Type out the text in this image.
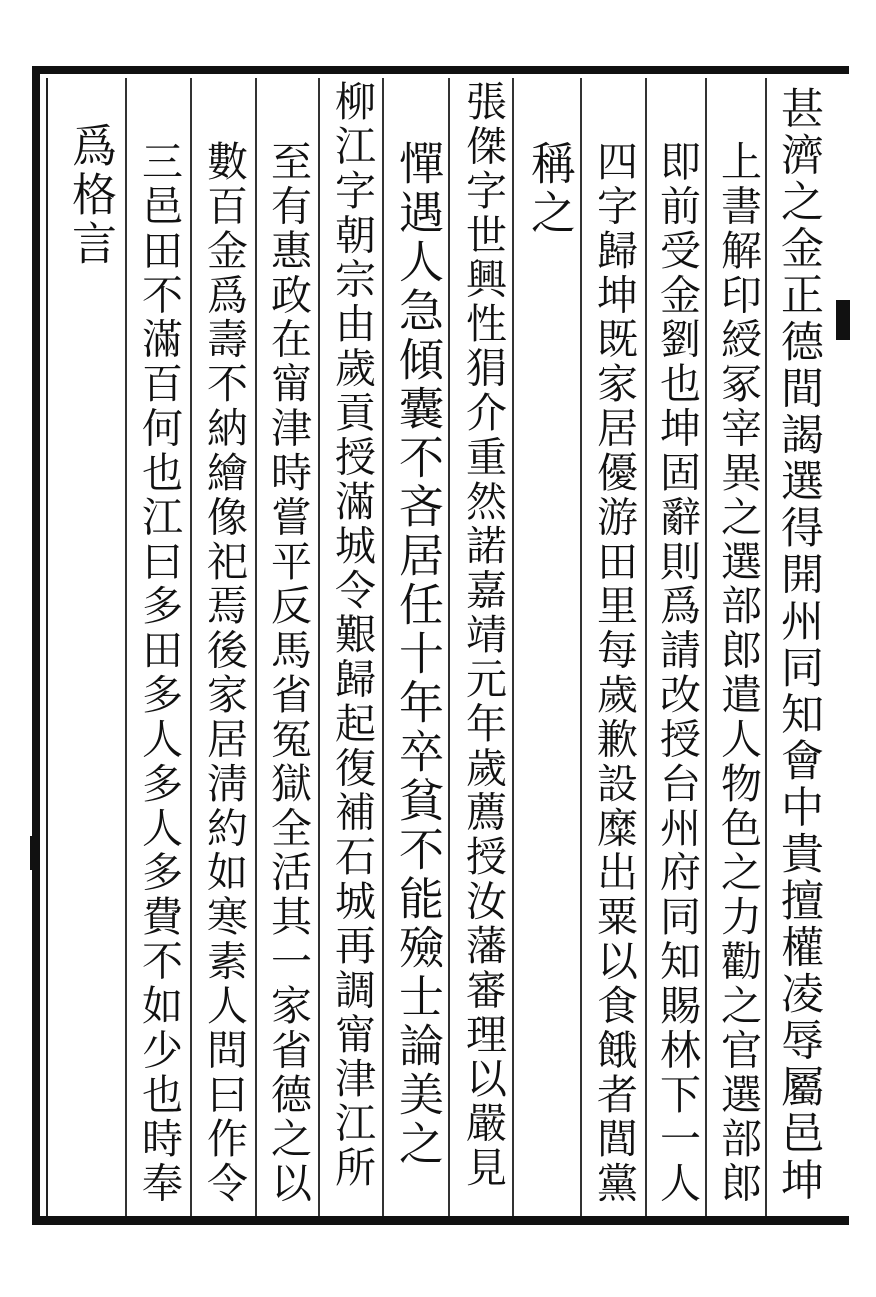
甚濟之金正德間謁選得開州同知會中貴擅權凌辱屬邑坤
上書解印綬冢宰異之選部郎遣人物色之力勸之官選部郎
即前受金劉也坤固辭則爲請改授台州府同知賜林下一人
四字歸坤既家居優游田里每歲歉設糜出粟以食餓者閭黨
稱之
張傑字世興性狷介重然諾嘉靖元年歲薦授汝藩審理以嚴見
憚遇人急傾囊不吝居任十年卒貧不能殮士論美之
柳江字朝宗由歲貢授滿城令艱歸起復補石城再調甯津江所
至有惠政在甯津時嘗平反馬省冤獄全活其一家省德之以
數百金爲壽不納繪像祀焉後家居淸約如寒素人問曰作令
三邑田不滿百何也江曰多田多人多人多費不如少也時奉
爲格言
